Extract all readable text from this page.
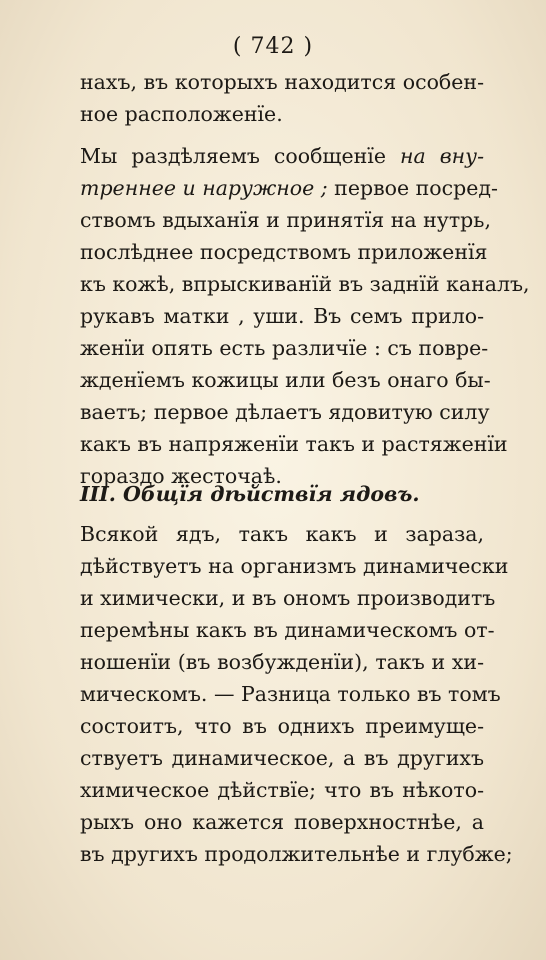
( 742 )
нахъ, въ которыхъ находится особен-
ное расположенїе.
Мы раздѣляемъ сообщенїе на вну-
треннее и наружное ; первое посред-
ствомъ вдыханїя и принятїя на нутрь,
послѣднее посредствомъ приложенїя
къ кожѣ, впрыскиванїй въ заднїй каналъ,
рукавъ матки , уши. Въ семъ прило-
женїи опять есть различїе : съ повре-
жденїемъ кожицы или безъ онаго бы-
ваетъ; первое дѣлаетъ ядовитую силу
какъ въ напряженїи такъ и растяженїи
гораздо жесточаѣ.
III. Общїя дѣйствїя ядовъ.
Всякой ядъ, такъ какъ и зараза,
дѣйствуетъ на организмъ динамически
и химически, и въ ономъ производитъ
перемѣны какъ въ динамическомъ от-
ношенїи (въ возбужденїи), такъ и хи-
мическомъ. — Разница только въ томъ
состоитъ, что въ однихъ преимуще-
ствуетъ динамическое, а въ другихъ
химическое дѣйствїе; что въ нѣкото-
рыхъ оно кажется поверхностнѣе, а
въ другихъ продолжительнѣе и глубже;
